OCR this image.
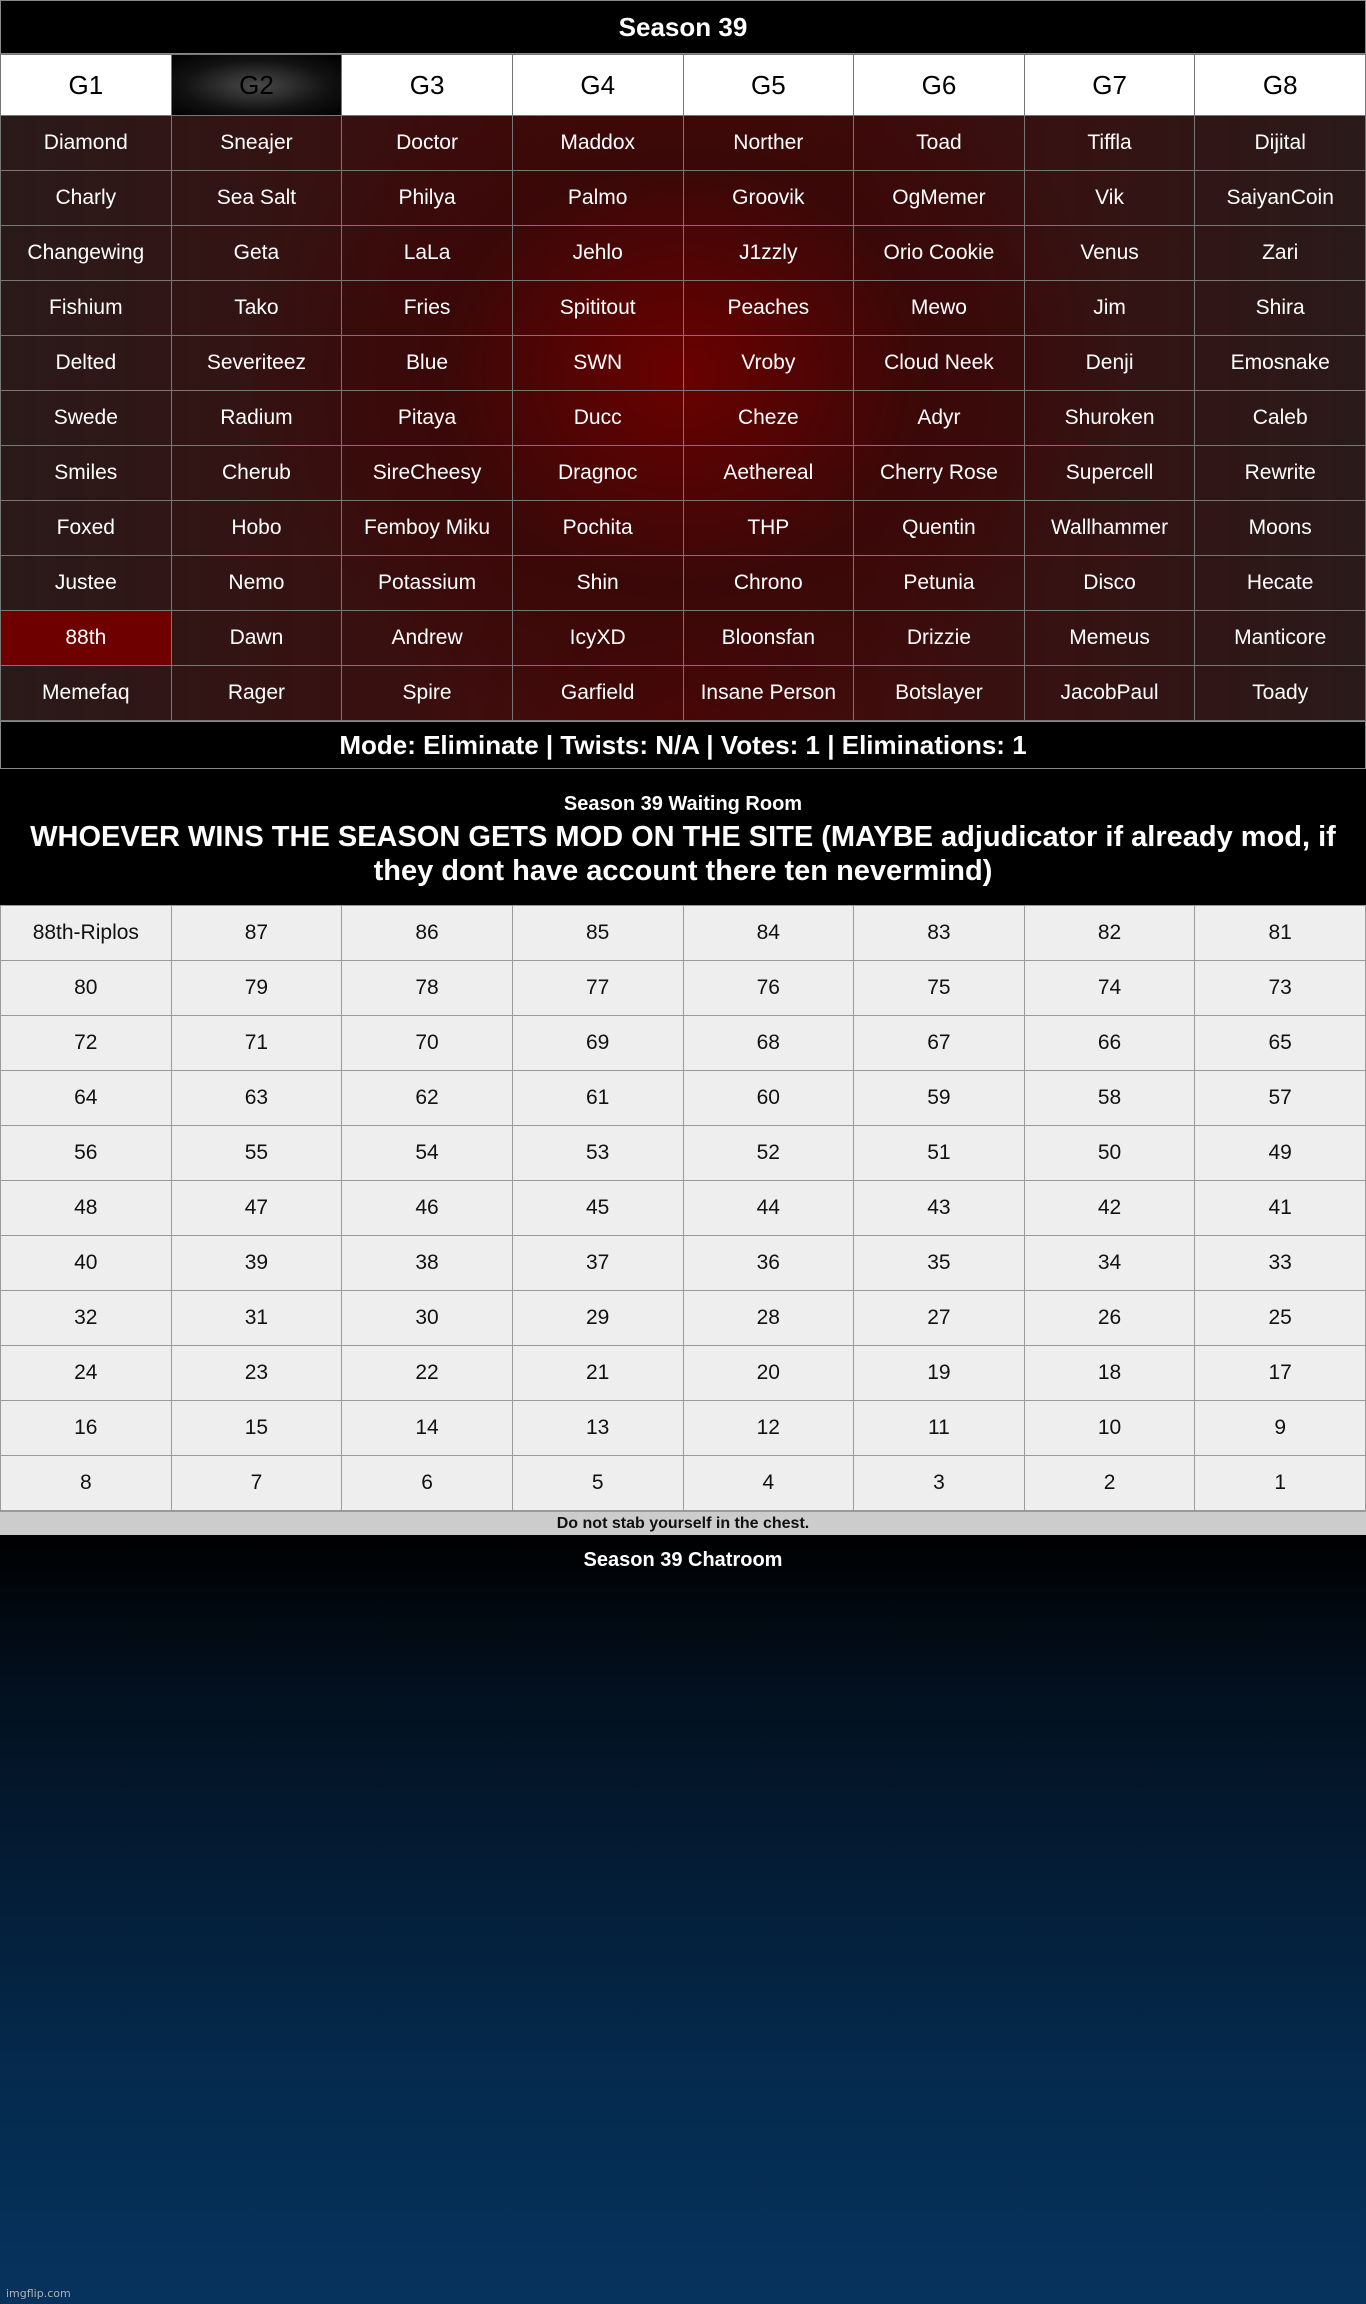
Season 39
G1	G2	G3	G4	G5	G6	G7	G8
Diamond	Sneajer	Doctor	Maddox	Norther	Toad	Tiffla	Dijital
Charly	Sea Salt	Philya	Palmo	Groovik	OgMemer	Vik	SaiyanCoin
Changewing	Geta	LaLa	Jehlo	J1zzly	Orio Cookie	Venus	Zari
Fishium	Tako	Fries	Spititout	Peaches	Mewo	Jim	Shira
Delted	Severiteez	Blue	SWN	Vroby	Cloud Neek	Denji	Emosnake
Swede	Radium	Pitaya	Ducc	Cheze	Adyr	Shuroken	Caleb
Smiles	Cherub	SireCheesy	Dragnoc	Aethereal	Cherry Rose	Supercell	Rewrite
Foxed	Hobo	Femboy Miku	Pochita	THP	Quentin	Wallhammer	Moons
Justee	Nemo	Potassium	Shin	Chrono	Petunia	Disco	Hecate
88th	Dawn	Andrew	IcyXD	Bloonsfan	Drizzie	Memeus	Manticore
Memefaq	Rager	Spire	Garfield	Insane Person	Botslayer	JacobPaul	Toady
Mode: Eliminate | Twists: N/A | Votes: 1 | Eliminations: 1
Season 39 Waiting Room
WHOEVER WINS THE SEASON GETS MOD ON THE SITE (MAYBE adjudicator if already mod, if they dont have account there ten nevermind)
88th-Riplos	87	86	85	84	83	82	81
80	79	78	77	76	75	74	73
72	71	70	69	68	67	66	65
64	63	62	61	60	59	58	57
56	55	54	53	52	51	50	49
48	47	46	45	44	43	42	41
40	39	38	37	36	35	34	33
32	31	30	29	28	27	26	25
24	23	22	21	20	19	18	17
16	15	14	13	12	11	10	9
8	7	6	5	4	3	2	1
Do not stab yourself in the chest.
Season 39 Chatroom
imgflip.com
